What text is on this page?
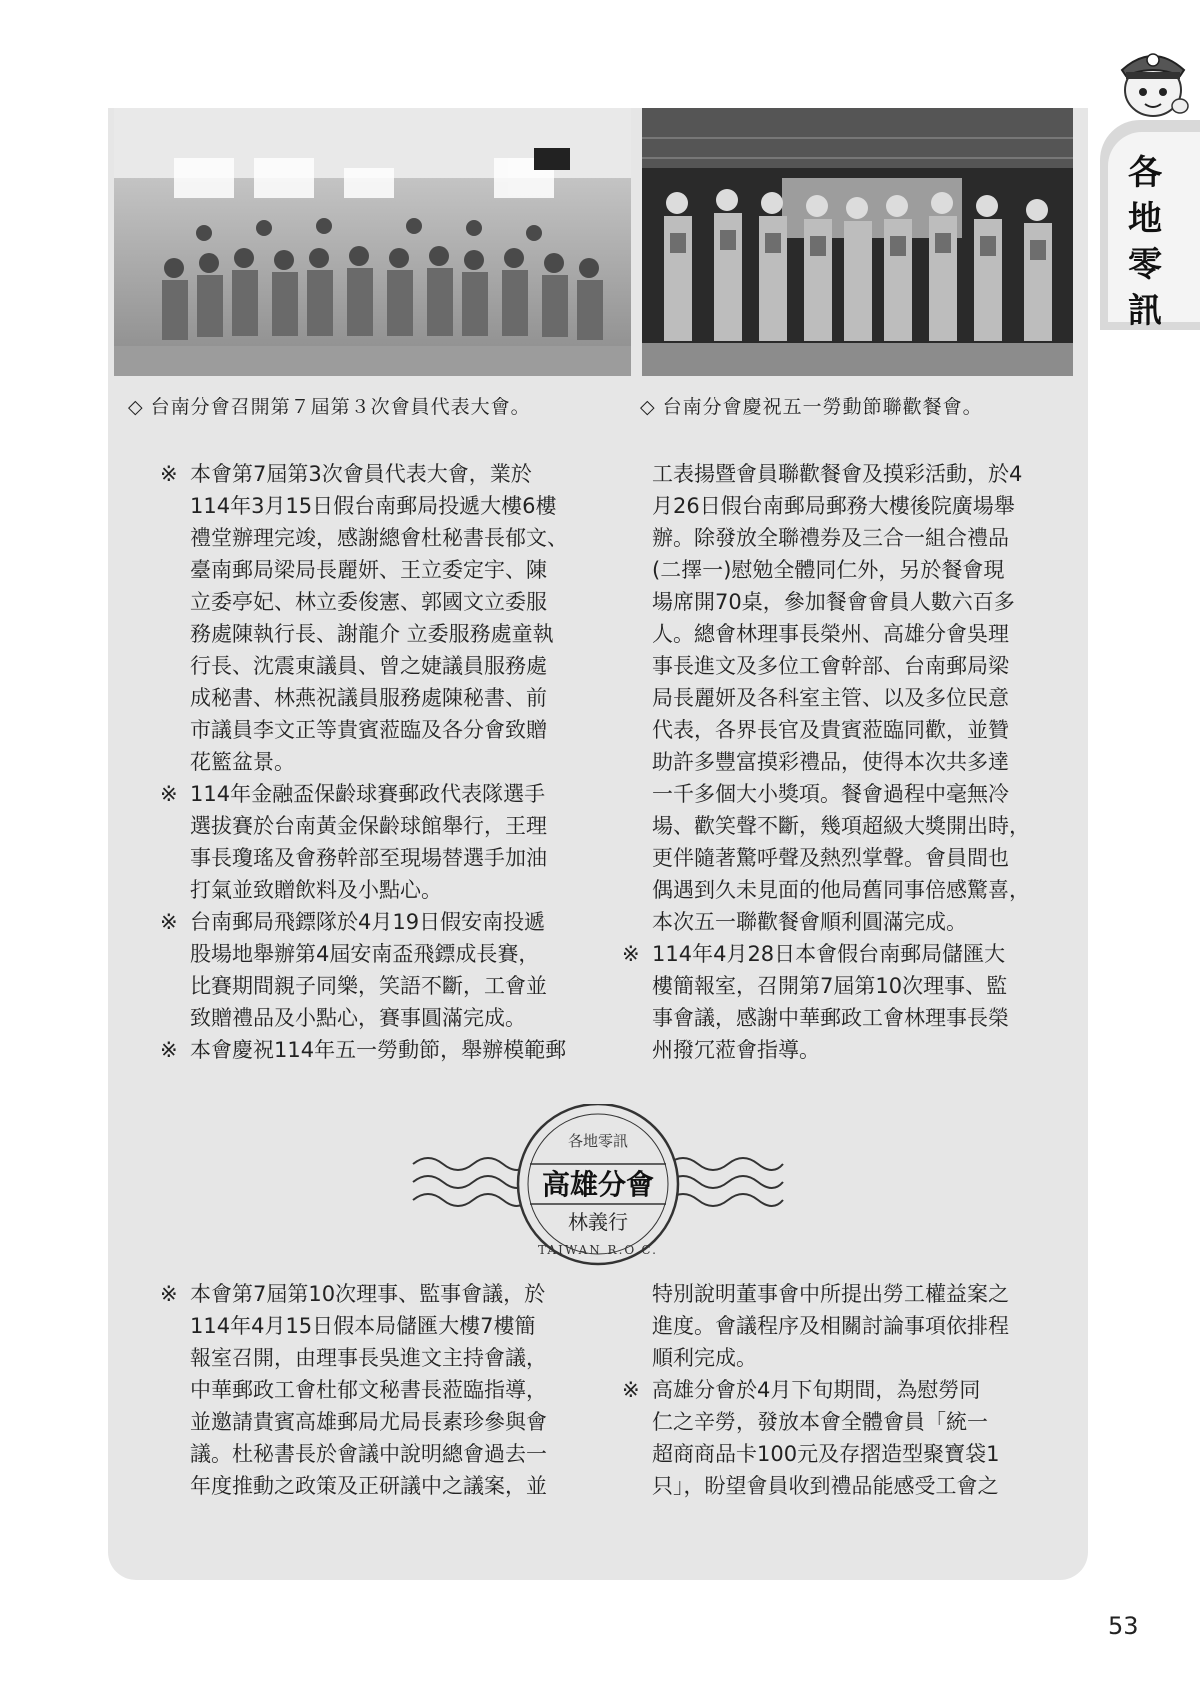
各
地
零
訊
◇ 台南分會召開第７屆第３次會員代表大會。	◇ 台南分會慶祝五一勞動節聯歡餐會。
※ 本會第7屆第3次會員代表大會，業於

114年3月15日假台南郵局投遞大樓6樓

禮堂辦理完竣，感謝總會杜秘書長郁文、

臺南郵局梁局長麗妍、王立委定宇、陳

立委亭妃、林立委俊憲、郭國文立委服

務處陳執行長、謝龍介 立委服務處童執

行長、沈震東議員、曾之婕議員服務處

成秘書、林燕祝議員服務處陳秘書、前

市議員李文正等貴賓蒞臨及各分會致贈

花籃盆景。

※ 114年金融盃保齡球賽郵政代表隊選手

選拔賽於台南黃金保齡球館舉行，王理

事長瓊瑤及會務幹部至現場替選手加油

打氣並致贈飲料及小點心。

※ 台南郵局飛鏢隊於4月19日假安南投遞

股場地舉辦第4屆安南盃飛鏢成長賽，

比賽期間親子同樂，笑語不斷，工會並

致贈禮品及小點心，賽事圓滿完成。

※ 本會慶祝114年五一勞動節，舉辦模範郵

工表揚暨會員聯歡餐會及摸彩活動，於4

月26日假台南郵局郵務大樓後院廣場舉

辦。除發放全聯禮券及三合一組合禮品

(二擇一)慰勉全體同仁外，另於餐會現

場席開70桌，參加餐會會員人數六百多

人。總會林理事長榮州、高雄分會吳理

事長進文及多位工會幹部、台南郵局梁

局長麗妍及各科室主管、以及多位民意

代表，各界長官及貴賓蒞臨同歡，並贊

助許多豐富摸彩禮品，使得本次共多達

一千多個大小獎項。餐會過程中毫無冷

場、歡笑聲不斷，幾項超級大獎開出時，

更伴隨著驚呼聲及熱烈掌聲。會員間也

偶遇到久未見面的他局舊同事倍感驚喜，

本次五一聯歡餐會順利圓滿完成。

※ 114年4月28日本會假台南郵局儲匯大

樓簡報室，召開第7屆第10次理事、監

事會議，感謝中華郵政工會林理事長榮

州撥冗蒞會指導。

各地零訊
高雄分會
林義行
TAIWAN R.O.C.
※ 本會第7屆第10次理事、監事會議，於

114年4月15日假本局儲匯大樓7樓簡

報室召開，由理事長吳進文主持會議，

中華郵政工會杜郁文秘書長蒞臨指導，

並邀請貴賓高雄郵局尤局長素珍參與會

議。杜秘書長於會議中說明總會過去一

年度推動之政策及正研議中之議案，並

特別說明董事會中所提出勞工權益案之

進度。會議程序及相關討論事項依排程

順利完成。

※ 高雄分會於4月下旬期間，為慰勞同

仁之辛勞，發放本會全體會員「統一

超商商品卡100元及存摺造型聚寶袋1

只」，盼望會員收到禮品能感受工會之

53
